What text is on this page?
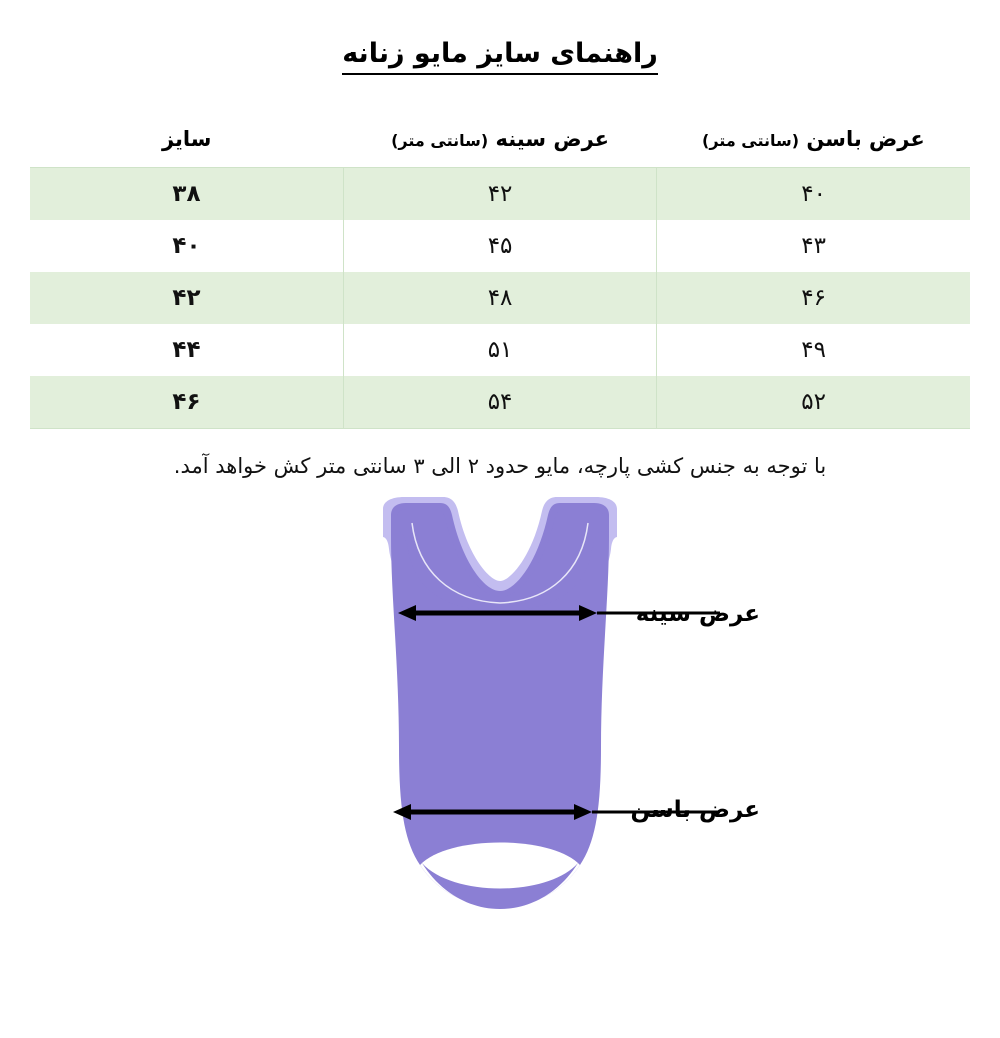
راهنمای سایز مایو زنانه
عرض باسن (سانتی متر)	عرض سینه (سانتی متر)	سایز
۴۰	۴۲	۳۸
۴۳	۴۵	۴۰
۴۶	۴۸	۴۲
۴۹	۵۱	۴۴
۵۲	۵۴	۴۶
با توجه به جنس کشی پارچه، مایو حدود ۲ الی ۳ سانتی متر کش خواهد آمد.
عرض سینه
عرض باسن
